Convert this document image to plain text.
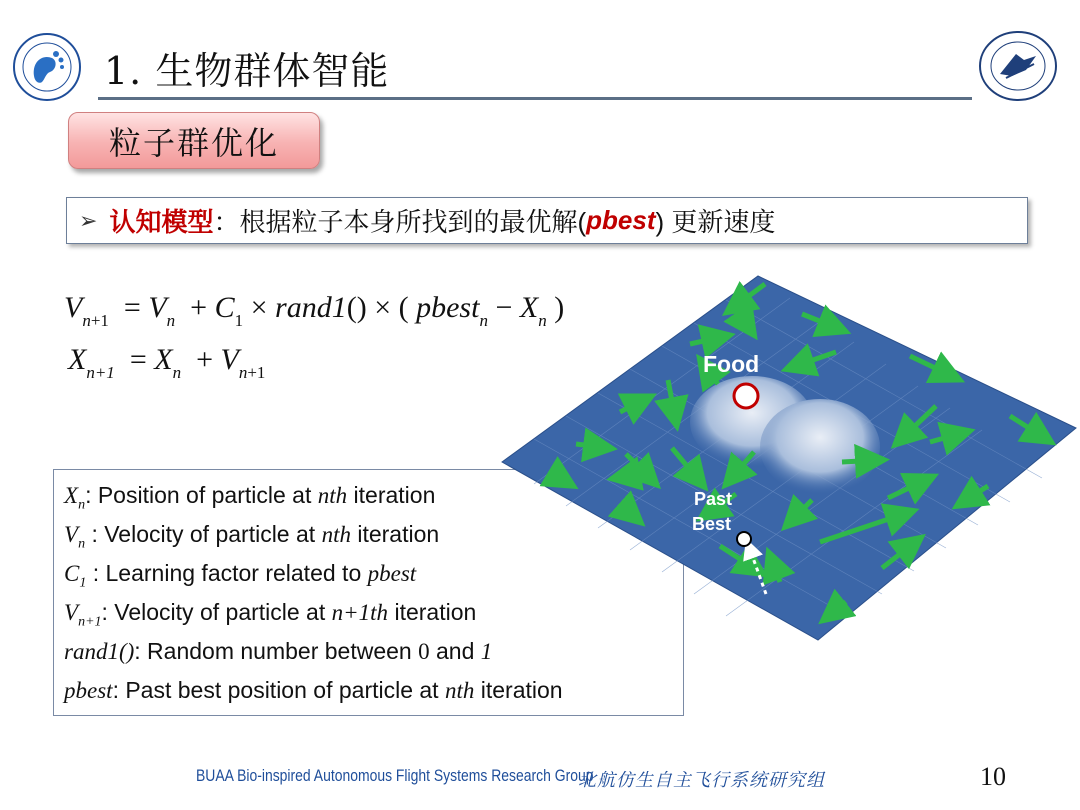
1. 生物群体智能
粒子群优化
➢ 认知模型 ： 根据粒子本身所找到的最优解( pbest ) 更新速度
$V_{n+1} = V_n + C_1$ × rand1() × ( pbest$_n$ − $X_n$ )
$X_{n+1} = X_n + V_{n+1}$
$X_n$: Position of particle at nth iteration
$V_n$ : Velocity of particle at nth iteration
$C_1$ : Learning factor related to pbest
$V_{n+1}$: Velocity of particle at n+1th iteration
rand1(): Random number between 0 and 1
pbest: Past best position of particle at nth iteration
Food
Past
Best
BUAA Bio-inspired Autonomous Flight Systems Research Group
北航仿生自主飞行系统研究组	10
